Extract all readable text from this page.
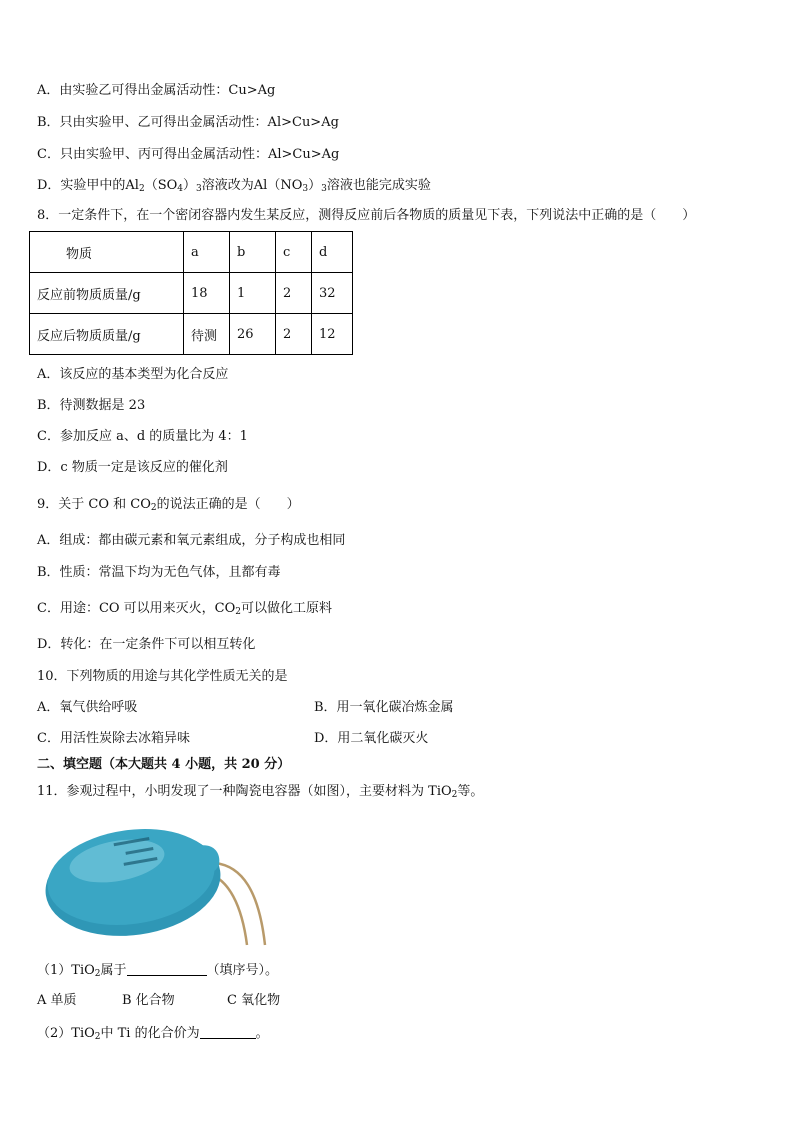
A．由实验乙可得出金属活动性：Cu>Ag
B．只由实验甲、乙可得出金属活动性：Al>Cu>Ag
C．只由实验甲、丙可得出金属活动性：Al>Cu>Ag
D．实验甲中的$Al_2(SO_4)_3$溶液改为$Al(NO_3)_3$溶液也能完成实验
8．一定条件下，在一个密闭容器内发生某反应，测得反应前后各物质的质量见下表，下列说法中正确的是（　　）
物质	a	b	c	d
反应前物质质量/g	18	1	2	32
反应后物质质量/g	待测	26	2	12
A．该反应的基本类型为化合反应
B．待测数据是 23
C．参加反应 a、d 的质量比为 4：1
D．c 物质一定是该反应的催化剂
9．关于 CO 和 $CO_2$的说法正确的是（　　）
A．组成：都由碳元素和氧元素组成，分子构成也相同
B．性质：常温下均为无色气体，且都有毒
C．用途：CO 可以用来灭火，$CO_2$可以做化工原料
D．转化：在一定条件下可以相互转化
10．下列物质的用途与其化学性质无关的是
A．氧气供给呼吸	B．用一氧化碳冶炼金属
C．用活性炭除去冰箱异味	D．用二氧化碳灭火
二、填空题（本大题共 4 小题，共 20 分）
11．参观过程中，小明发现了一种陶瓷电容器（如图），主要材料为 TiO$_2$等。
（1）TiO$_2$属于	（填序号）。
A 单质	B 化合物	C 氧化物
（2）TiO$_2$中 Ti 的化合价为	。
